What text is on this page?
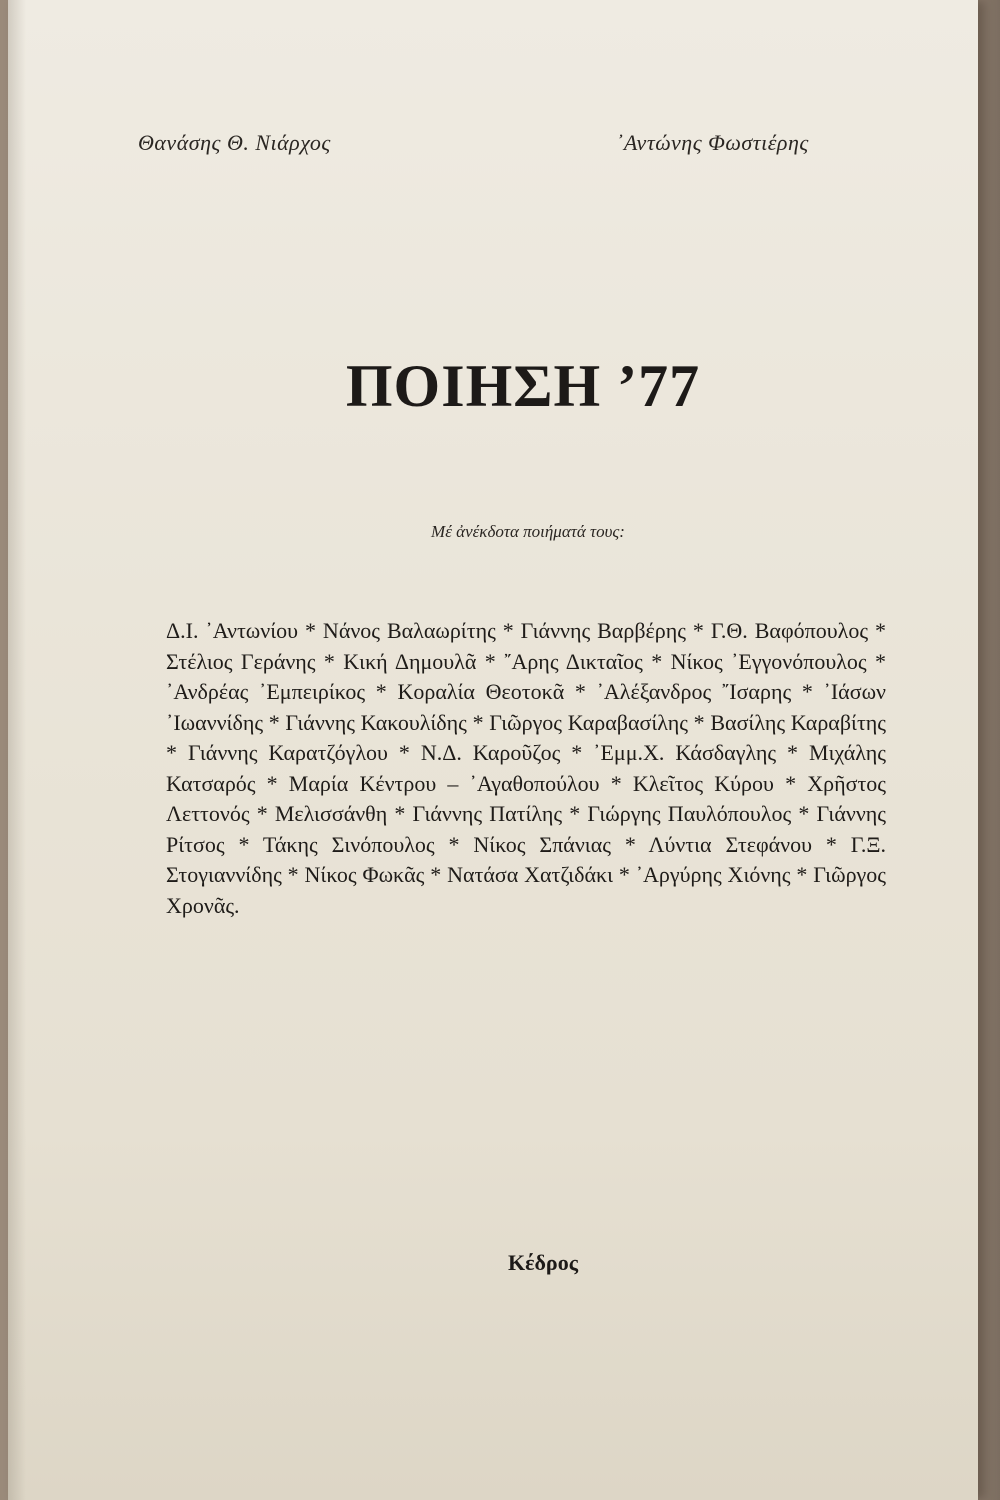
Θανάσης Θ. Νιάρχος	᾿Αντώνης Φωστιέρης
ΠΟΙΗΣΗ ’77
Μέ ἀνέκδοτα ποιήματά τους:
Δ.Ι. ᾿Αντωνίου * Νάνος Βαλαωρίτης * Γιάννης Βαρβέρης * Γ.Θ. Βαφόπουλος * Στέλιος Γεράνης * Κική Δημουλᾶ * ῎Αρης Δικταῖος * Νίκος ᾿Εγγονόπουλος * ᾿Ανδρέας ᾿Εμπειρίκος * Κοραλία Θεοτοκᾶ * ᾿Αλέξανδρος ῎Ισαρης * ᾿Ιάσων ᾿Ιωαννίδης * Γιάννης Κακουλίδης * Γιῶργος Καραβασίλης * Βασίλης Καραβίτης * Γιάννης Καρατζόγλου * Ν.Δ. Καροῦζος * ᾿Εμμ.Χ. Κάσδαγλης * Μιχάλης Κατσαρός * Μαρία Κέντρου – ᾿Αγαθοπούλου * Κλεῖτος Κύρου * Χρῆστος Λεττονός * Μελισσάνθη * Γιάννης Πατίλης * Γιώργης Παυλόπουλος * Γιάννης Ρίτσος * Τάκης Σινόπουλος * Νίκος Σπάνιας * Λύντια Στεφάνου * Γ.Ξ. Στογιαννίδης * Νίκος Φωκᾶς * Νατάσα Χατζιδάκι * ᾿Αργύρης Χιόνης * Γιῶργος Χρονᾶς.
Κέδρος
